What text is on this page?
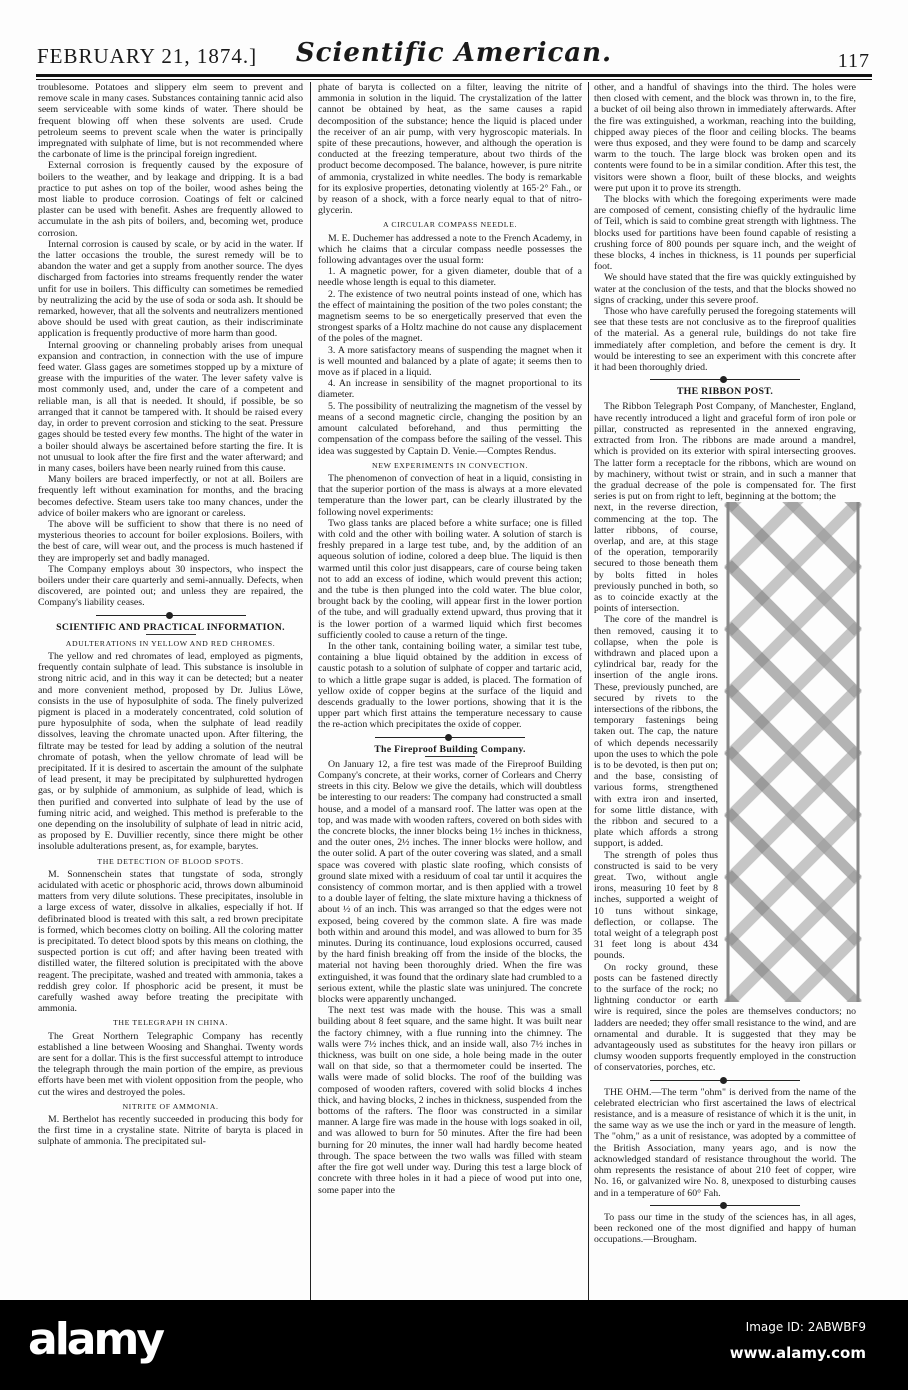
FEBRUARY 21, 1874.]	Scientific American.	117

troublesome. Potatoes and slippery elm seem to prevent and remove scale in many cases. Substances containing tannic acid also seem serviceable with some kinds of water. There should be frequent blowing off when these solvents are used. Crude petroleum seems to prevent scale when the water is principally impregnated with sulphate of lime, but is not recommended where the carbonate of lime is the principal foreign ingredient.

External corrosion is frequently caused by the exposure of boilers to the weather, and by leakage and dripping. It is a bad practice to put ashes on top of the boiler, wood ashes being the most liable to produce corrosion. Coatings of felt or calcined plaster can be used with benefit. Ashes are frequently allowed to accumulate in the ash pits of boilers, and, becoming wet, produce corrosion.

Internal corrosion is caused by scale, or by acid in the water. If the latter occasions the trouble, the surest remedy will be to abandon the water and get a supply from another source. The dyes discharged from factories into streams frequently render the water unfit for use in boilers. This difficulty can sometimes be remedied by neutralizing the acid by the use of soda or soda ash. It should be remarked, however, that all the solvents and neutralizers mentioned above should be used with great caution, as their indiscriminate application is frequently productive of more harm than good.

Internal grooving or channeling probably arises from unequal expansion and contraction, in connection with the use of impure feed water. Glass gages are sometimes stopped up by a mixture of grease with the impurities of the water. The lever safety valve is most commonly used, and, under the care of a competent and reliable man, is all that is needed. It should, if possible, be so arranged that it cannot be tampered with. It should be raised every day, in order to prevent corrosion and sticking to the seat. Pressure gages should be tested every few months. The hight of the water in a boiler should always be ascertained before starting the fire. It is not unusual to look after the fire first and the water afterward; and in many cases, boilers have been nearly ruined from this cause.

Many boilers are braced imperfectly, or not at all. Boilers are frequently left without examination for months, and the bracing becomes defective. Steam users take too many chances, under the advice of boiler makers who are ignorant or careless.

The above will be sufficient to show that there is no need of mysterious theories to account for boiler explosions. Boilers, with the best of care, will wear out, and the process is much hastened if they are improperly set and badly managed.

The Company employs about 30 inspectors, who inspect the boilers under their care quarterly and semi-annually. Defects, when discovered, are pointed out; and unless they are repaired, the Company's liability ceases.

SCIENTIFIC AND PRACTICAL INFORMATION.
ADULTERATIONS IN YELLOW AND RED CHROMES.

The yellow and red chromates of lead, employed as pigments, frequently contain sulphate of lead. This substance is insoluble in strong nitric acid, and in this way it can be detected; but a neater and more convenient method, proposed by Dr. Julius Löwe, consists in the use of hyposulphite of soda. The finely pulverized pigment is placed in a moderately concentrated, cold solution of pure hyposulphite of soda, when the sulphate of lead readily dissolves, leaving the chromate unacted upon. After filtering, the filtrate may be tested for lead by adding a solution of the neutral chromate of potash, when the yellow chromate of lead will be precipitated. If it is desired to ascertain the amount of the sulphate of lead present, it may be precipitated by sulphuretted hydrogen gas, or by sulphide of ammonium, as sulphide of lead, which is then purified and converted into sulphate of lead by the use of fuming nitric acid, and weighed. This method is preferable to the one depending on the insolubility of sulphate of lead in nitric acid, as proposed by E. Duvillier recently, since there might be other insoluble adulterations present, as, for example, barytes.

THE DETECTION OF BLOOD SPOTS.

M. Sonnenschein states that tungstate of soda, strongly acidulated with acetic or phosphoric acid, throws down albuminoid matters from very dilute solutions. These precipitates, insoluble in a large excess of water, dissolve in alkalies, especially if hot. If defibrinated blood is treated with this salt, a red brown precipitate is formed, which becomes clotty on boiling. All the coloring matter is precipitated. To detect blood spots by this means on clothing, the suspected portion is cut off; and after having been treated with distilled water, the filtered solution is precipitated with the above reagent. The precipitate, washed and treated with ammonia, takes a reddish grey color. If phosphoric acid be present, it must be carefully washed away before treating the precipitate with ammonia.

THE TELEGRAPH IN CHINA.

The Great Northern Telegraphic Company has recently established a line between Woosing and Shanghai. Twenty words are sent for a dollar. This is the first successful attempt to introduce the telegraph through the main portion of the empire, as previous efforts have been met with violent opposition from the people, who cut the wires and destroyed the poles.

NITRITE OF AMMONIA.

M. Berthelot has recently succeeded in producing this body for the first time in a crystaline state. Nitrite of baryta is placed in sulphate of ammonia. The precipitated sul-

phate of baryta is collected on a filter, leaving the nitrite of ammonia in solution in the liquid. The crystalization of the latter cannot be obtained by heat, as the same causes a rapid decomposition of the substance; hence the liquid is placed under the receiver of an air pump, with very hygroscopic materials. In spite of these precautions, however, and although the operation is conducted at the freezing temperature, about two thirds of the product become decomposed. The balance, however, is pure nitrite of ammonia, crystalized in white needles. The body is remarkable for its explosive properties, detonating violently at 165·2° Fah., or by reason of a shock, with a force nearly equal to that of nitro-glycerin.

A CIRCULAR COMPASS NEEDLE.

M. E. Duchemer has addressed a note to the French Academy, in which he claims that a circular compass needle possesses the following advantages over the usual form:

1. A magnetic power, for a given diameter, double that of a needle whose length is equal to this diameter.

2. The existence of two neutral points instead of one, which has the effect of maintaining the position of the two poles constant; the magnetism seems to be so energetically preserved that even the strongest sparks of a Holtz machine do not cause any displacement of the poles of the magnet.

3. A more satisfactory means of suspending the magnet when it is well mounted and balanced by a plate of agate; it seems then to move as if placed in a liquid.

4. An increase in sensibility of the magnet proportional to its diameter.

5. The possibility of neutralizing the magnetism of the vessel by means of a second magnetic circle, changing the position by an amount calculated beforehand, and thus permitting the compensation of the compass before the sailing of the vessel. This idea was suggested by Captain D. Venie.—Comptes Rendus.

NEW EXPERIMENTS IN CONVECTION.

The phenomenon of convection of heat in a liquid, consisting in that the superior portion of the mass is always at a more elevated temperature than the lower part, can be clearly illustrated by the following novel experiments:

Two glass tanks are placed before a white surface; one is filled with cold and the other with boiling water. A solution of starch is freshly prepared in a large test tube, and, by the addition of an aqueous solution of iodine, colored a deep blue. The liquid is then warmed until this color just disappears, care of course being taken not to add an excess of iodine, which would prevent this action; and the tube is then plunged into the cold water. The blue color, brought back by the cooling, will appear first in the lower portion of the tube, and will gradually extend upward, thus proving that it is the lower portion of a warmed liquid which first becomes sufficiently cooled to cause a return of the tinge.

In the other tank, containing boiling water, a similar test tube, containing a blue liquid obtained by the addition in excess of caustic potash to a solution of sulphate of copper and tartaric acid, to which a little grape sugar is added, is placed. The formation of yellow oxide of copper begins at the surface of the liquid and descends gradually to the lower portions, showing that it is the upper part which first attains the temperature necessary to cause the re-action which precipitates the oxide of copper.

The Fireproof Building Company.

On January 12, a fire test was made of the Fireproof Building Company's concrete, at their works, corner of Corlears and Cherry streets in this city. Below we give the details, which will doubtless be interesting to our readers: The company had constructed a small house, and a model of a mansard roof. The latter was open at the top, and was made with wooden rafters, covered on both sides with the concrete blocks, the inner blocks being 1½ inches in thickness, and the outer ones, 2½ inches. The inner blocks were hollow, and the outer solid. A part of the outer covering was slated, and a small space was covered with plastic slate roofing, which consists of ground slate mixed with a residuum of coal tar until it acquires the consistency of common mortar, and is then applied with a trowel to a double layer of felting, the slate mixture having a thickness of about ½ of an inch. This was arranged so that the edges were not exposed, being covered by the common slate. A fire was made both within and around this model, and was allowed to burn for 35 minutes. During its continuance, loud explosions occurred, caused by the hard finish breaking off from the inside of the blocks, the material not having been thoroughly dried. When the fire was extinguished, it was found that the ordinary slate had crumbled to a serious extent, while the plastic slate was uninjured. The concrete blocks were apparently unchanged.

The next test was made with the house. This was a small building about 8 feet square, and the same hight. It was built near the factory chimney, with a flue running into the chimney. The walls were 7½ inches thick, and an inside wall, also 7½ inches in thickness, was built on one side, a hole being made in the outer wall on that side, so that a thermometer could be inserted. The walls were made of solid blocks. The roof of the building was composed of wooden rafters, covered with solid blocks 4 inches thick, and having blocks, 2 inches in thickness, suspended from the bottoms of the rafters. The floor was constructed in a similar manner. A large fire was made in the house with logs soaked in oil, and was allowed to burn for 50 minutes. After the fire had been burning for 20 minutes, the inner wall had hardly become heated through. The space between the two walls was filled with steam after the fire got well under way. During this test a large block of concrete with three holes in it had a piece of wood put into one, some paper into the

other, and a handful of shavings into the third. The holes were then closed with cement, and the block was thrown in, to the fire, a bucket of oil being also thrown in immediately afterwards. After the fire was extinguished, a workman, reaching into the building, chipped away pieces of the floor and ceiling blocks. The beams were thus exposed, and they were found to be damp and scarcely warm to the touch. The large block was broken open and its contents were found to be in a similar condition. After this test, the visitors were shown a floor, built of these blocks, and weights were put upon it to prove its strength.

The blocks with which the foregoing experiments were made are composed of cement, consisting chiefly of the hydraulic lime of Teil, which is said to combine great strength with lightness. The blocks used for partitions have been found capable of resisting a crushing force of 800 pounds per square inch, and the weight of these blocks, 4 inches in thickness, is 11 pounds per superficial foot.

We should have stated that the fire was quickly extinguished by water at the conclusion of the tests, and that the blocks showed no signs of cracking, under this severe proof.

Those who have carefully perused the foregoing statements will see that these tests are not conclusive as to the fireproof qualities of the material. As a general rule, buildings do not take fire immediately after completion, and before the cement is dry. It would be interesting to see an experiment with this concrete after it had been thoroughly dried.

THE RIBBON POST.

The Ribbon Telegraph Post Company, of Manchester, England, have recently introduced a light and graceful form of iron pole or pillar, constructed as represented in the annexed engraving, extracted from Iron. The ribbons are made around a mandrel, which is provided on its exterior with spiral intersecting grooves. The latter form a receptacle for the ribbons, which are wound on by machinery, without twist or strain, and in such a manner that the gradual decrease of the pole is compensated for. The first series is put on from right to left, beginning at the bottom; the

next, in the reverse direction, commencing at the top. The latter ribbons, of course, overlap, and are, at this stage of the operation, temporarily secured to those beneath them by bolts fitted in holes previously punched in both, so as to coincide exactly at the points of intersection.

The core of the mandrel is then removed, causing it to collapse, when the pole is withdrawn and placed upon a cylindrical bar, ready for the insertion of the angle irons. These, previously punched, are secured by rivets to the intersections of the ribbons, the temporary fastenings being taken out. The cap, the nature of which depends necessarily upon the uses to which the pole is to be devoted, is then put on; and the base, consisting of various forms, strengthened with extra iron and inserted, for some little distance, with the ribbon and secured to a plate which affords a strong support, is added.

The strength of poles thus constructed is said to be very great. Two, without angle irons, measuring 10 feet by 8 inches, supported a weight of 10 tuns without sinkage, deflection, or collapse. The total weight of a telegraph post 31 feet long is about 434 pounds.

On rocky ground, these posts can be fastened directly to the surface of the rock; no lightning conductor or earth wire is required, since the poles are themselves conductors; no ladders are needed; they offer small resistance to the wind, and are ornamental and durable. It is suggested that they may be advantageously used as substitutes for the heavy iron pillars or clumsy wooden supports frequently employed in the construction of conservatories, porches, etc.

THE OHM.—The term "ohm" is derived from the name of the celebrated electrician who first ascertained the laws of electrical resistance, and is a measure of resistance of which it is the unit, in the same way as we use the inch or yard in the measure of length. The "ohm," as a unit of resistance, was adopted by a committee of the British Association, many years ago, and is now the acknowledged standard of resistance throughout the world. The ohm represents the resistance of about 210 feet of copper, wire No. 16, or galvanized wire No. 8, unexposed to disturbing causes and in a temperature of 60° Fah.

To pass our time in the study of the sciences has, in all ages, been reckoned one of the most dignified and happy of human occupations.—Brougham.

alamy	Image ID: 2ABWBF9
www.alamy.com
